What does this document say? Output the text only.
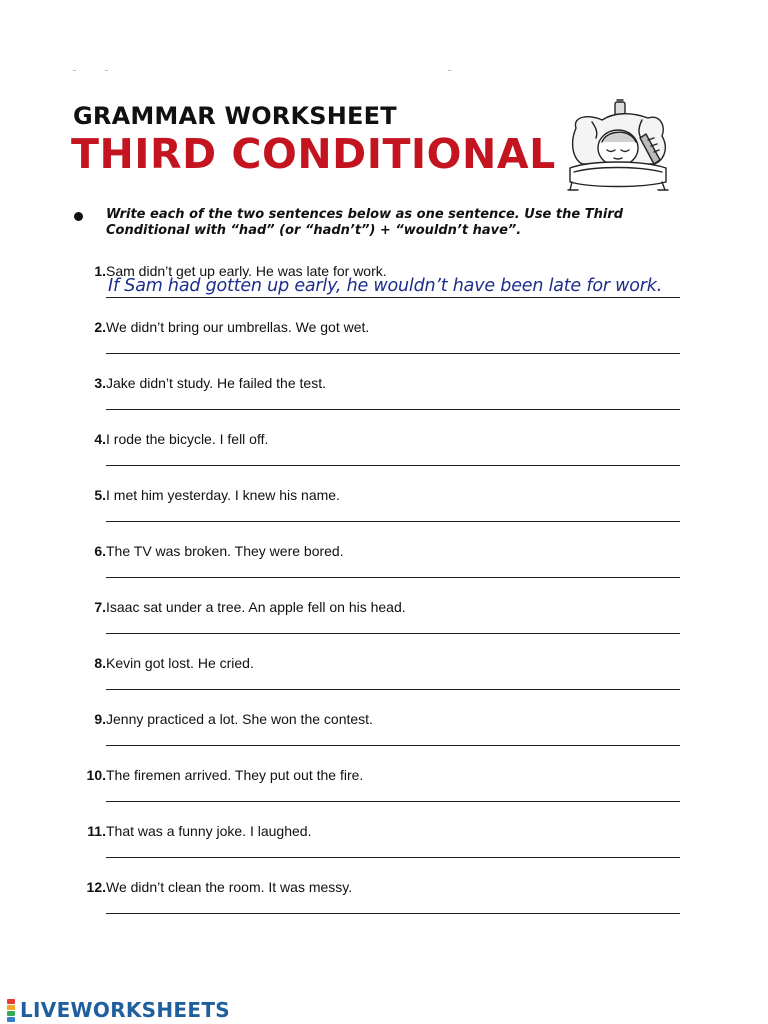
GRAMMAR WORKSHEET
THIRD CONDITIONAL
Write each of the two sentences below as one sentence. Use the Third Conditional with “had” (or “hadn’t”) + “wouldn’t have”.
1. Sam didn’t get up early. He was late for work.
If Sam had gotten up early, he wouldn’t have been late for work.
2. We didn’t bring our umbrellas. We got wet.
3. Jake didn’t study. He failed the test.
4. I rode the bicycle. I fell off.
5. I met him yesterday. I knew his name.
6. The TV was broken. They were bored.
7. Isaac sat under a tree. An apple fell on his head.
8. Kevin got lost. He cried.
9. Jenny practiced a lot. She won the contest.
10. The firemen arrived. They put out the fire.
11. That was a funny joke. I laughed.
12. We didn’t clean the room. It was messy.
LIVEWORKSHEETS
